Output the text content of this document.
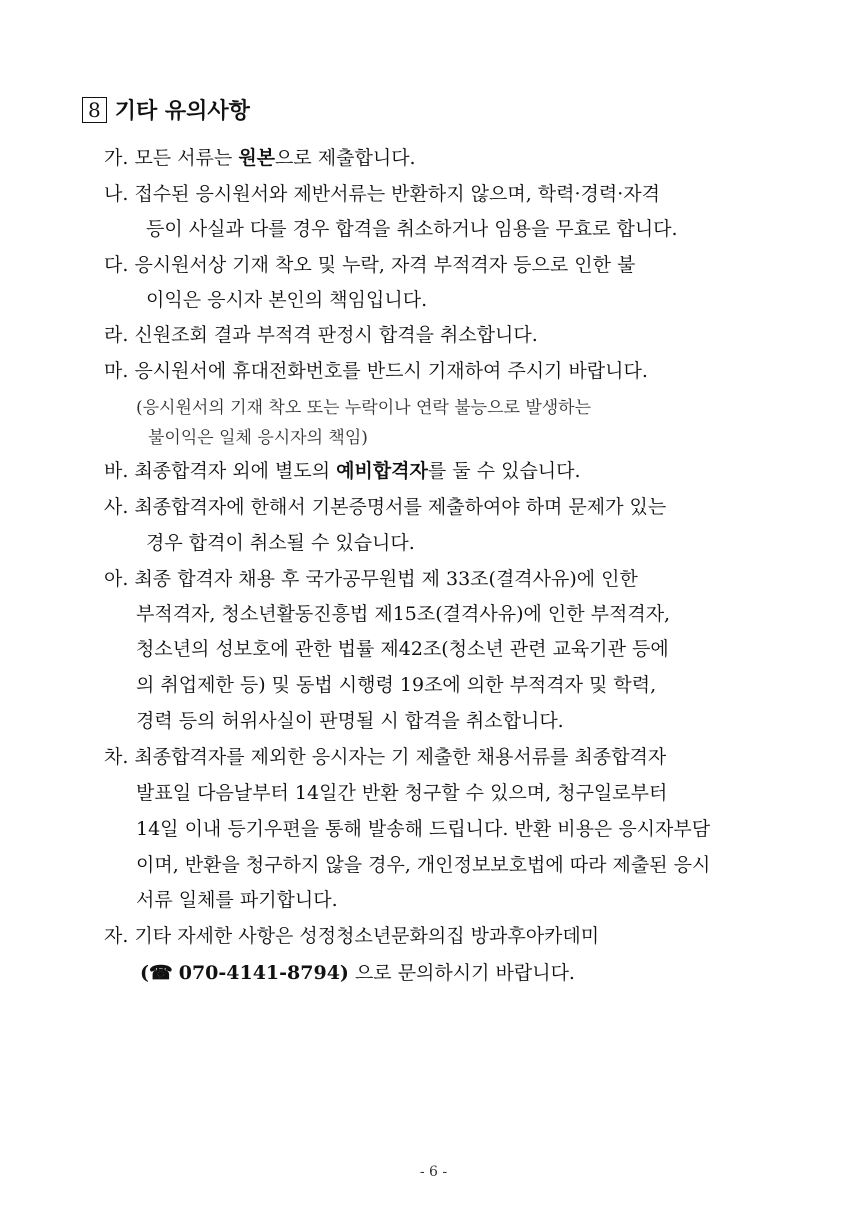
8 기타 유의사항
가. 모든 서류는 원본으로 제출합니다.
나. 접수된 응시원서와 제반서류는 반환하지 않으며, 학력·경력·자격
등이 사실과 다를 경우 합격을 취소하거나 임용을 무효로 합니다.
다. 응시원서상 기재 착오 및 누락, 자격 부적격자 등으로 인한 불
이익은 응시자 본인의 책임입니다.
라. 신원조회 결과 부적격 판정시 합격을 취소합니다.
마. 응시원서에 휴대전화번호를 반드시 기재하여 주시기 바랍니다.
(응시원서의 기재 착오 또는 누락이나 연락 불능으로 발생하는
불이익은 일체 응시자의 책임)
바. 최종합격자 외에 별도의 예비합격자를 둘 수 있습니다.
사. 최종합격자에 한해서 기본증명서를 제출하여야 하며 문제가 있는
경우 합격이 취소될 수 있습니다.
아. 최종 합격자 채용 후 국가공무원법 제 33조(결격사유)에 인한
부적격자, 청소년활동진흥법 제15조(결격사유)에 인한 부적격자,
청소년의 성보호에 관한 법률 제42조(청소년 관련 교육기관 등에
의 취업제한 등) 및 동법 시행령 19조에 의한 부적격자 및 학력,
경력 등의 허위사실이 판명될 시 합격을 취소합니다.
차. 최종합격자를 제외한 응시자는 기 제출한 채용서류를 최종합격자
발표일 다음날부터 14일간 반환 청구할 수 있으며, 청구일로부터
14일 이내 등기우편을 통해 발송해 드립니다. 반환 비용은 응시자부담
이며, 반환을 청구하지 않을 경우, 개인정보보호법에 따라 제출된 응시
서류 일체를 파기합니다.
자. 기타 자세한 사항은 성정청소년문화의집 방과후아카데미
(☎ 070-4141-8794) 으로 문의하시기 바랍니다.
- 6 -
